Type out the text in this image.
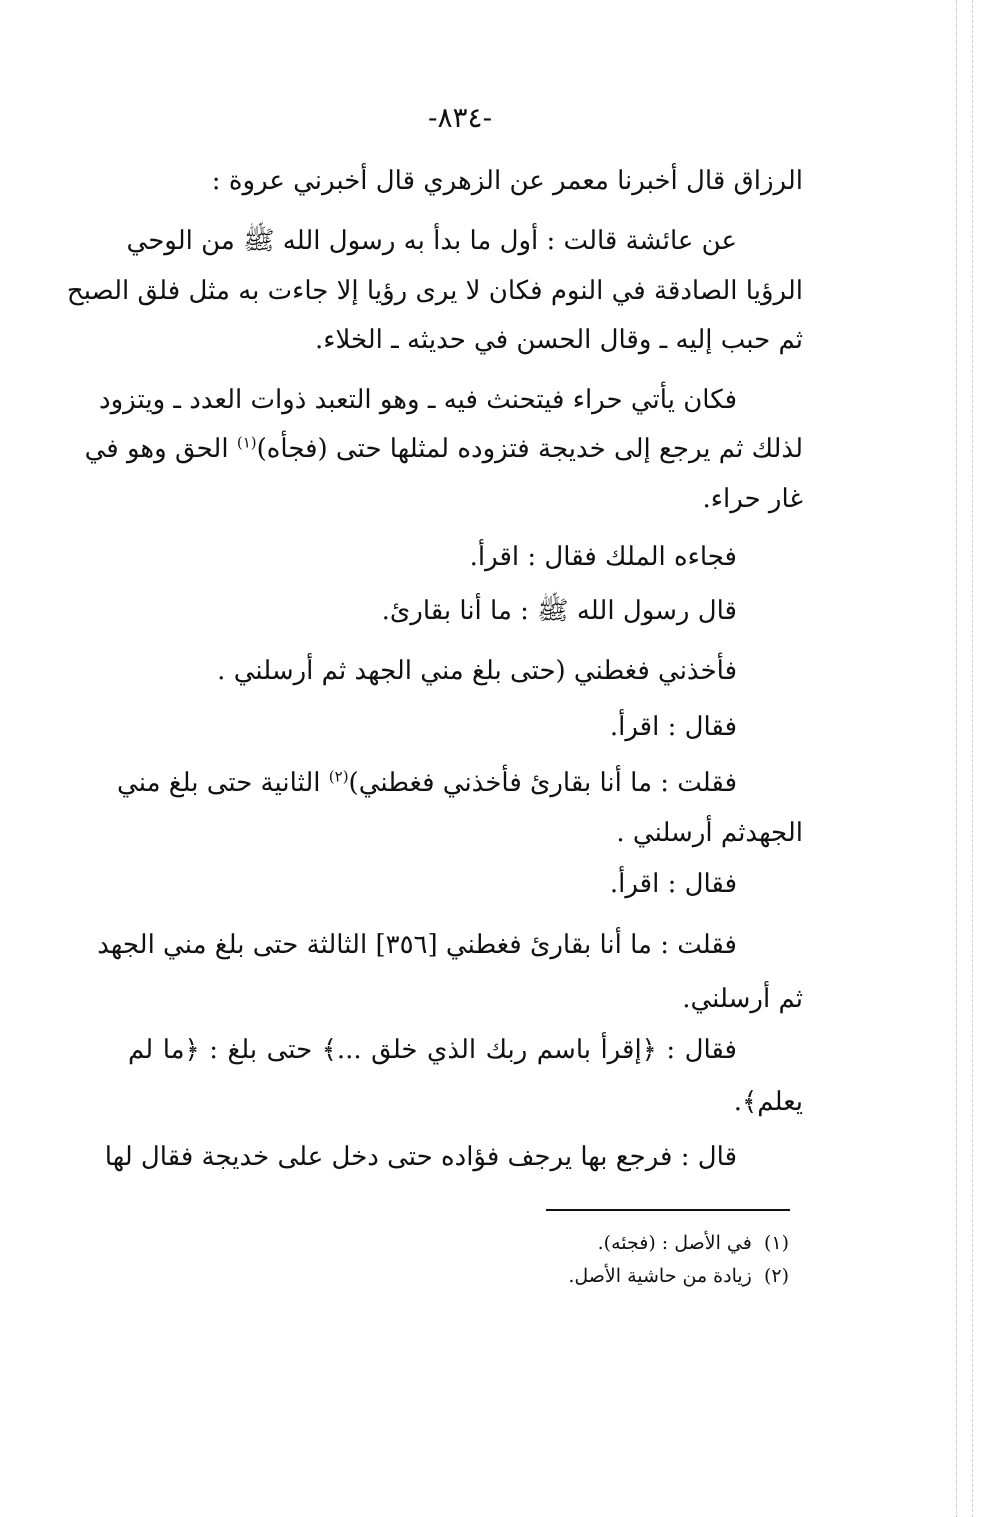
-٨٣٤-
الرزاق قال أخبرنا معمر عن الزهري قال أخبرني عروة :
عن عائشة قالت : أول ما بدأ به رسول الله ﷺ من الوحي
الرؤيا الصادقة في النوم فكان لا يرى رؤيا إلا جاءت به مثل فلق الصبح
ثم حبب إليه ـ وقال الحسن في حديثه ـ الخلاء.
فكان يأتي حراء فيتحنث فيه ـ وهو التعبد ذوات العدد ـ ويتزود
لذلك ثم يرجع إلى خديجة فتزوده لمثلها حتى (فجأه)$^{(١)}$ الحق وهو في
غار حراء.
فجاءه الملك فقال : اقرأ.
قال رسول الله ﷺ : ما أنا بقارئ.
فأخذني فغطني (حتى بلغ مني الجهد ثم أرسلني .
فقال : اقرأ.
فقلت : ما أنا بقارئ فأخذني فغطني)$^{(٢)}$ الثانية حتى بلغ مني
الجهدثم أرسلني .
فقال : اقرأ.
فقلت : ما أنا بقارئ فغطني [٣٥٦] الثالثة حتى بلغ مني الجهد
ثم أرسلني.
فقال : ﴿إقرأ باسم ربك الذي خلق ...﴾ حتى بلغ : ﴿ما لم
يعلم﴾.
قال : فرجع بها يرجف فؤاده حتى دخل على خديجة فقال لها
(١)  في الأصل : (فجئه).
(٢)  زيادة من حاشية الأصل.
